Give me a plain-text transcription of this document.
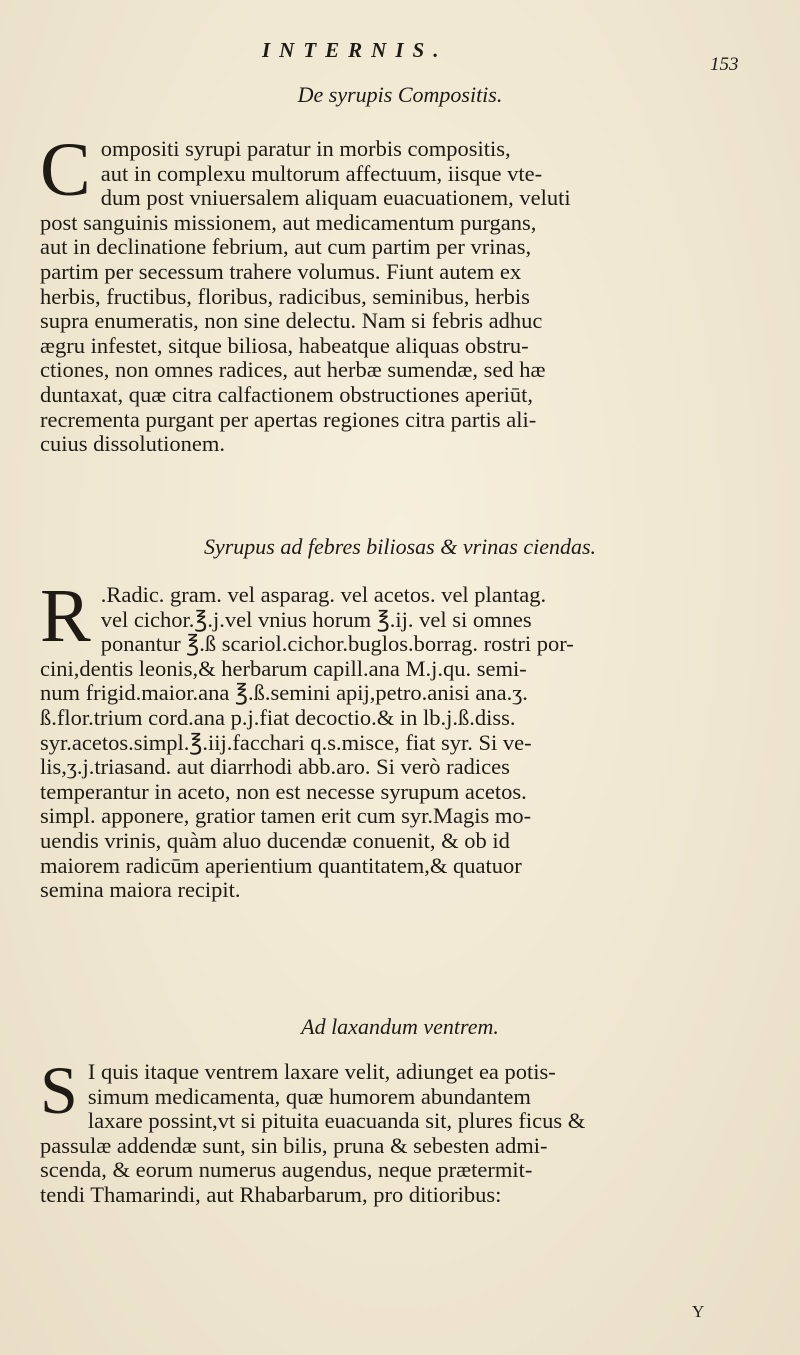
INTERNIS.
153
De syrupis Compositis.

C ompositi syrupi paratur in morbis compositis,
aut in complexu multorum affectuum, iisque vte-
dum post vniuersalem aliquam euacuationem, veluti
post sanguinis missionem, aut medicamentum purgans,
aut in declinatione febrium, aut cum partim per vrinas,
partim per secessum trahere volumus. Fiunt autem ex
herbis, fructibus, floribus, radicibus, seminibus, herbis
supra enumeratis, non sine delectu. Nam si febris adhuc
ægru infestet, sitque biliosa, habeatque aliquas obstru-
ctiones, non omnes radices, aut herbæ sumendæ, sed hæ
duntaxat, quæ citra calfactionem obstructiones aperiūt,
recrementa purgant per apertas regiones citra partis ali-
cuius dissolutionem.

Syrupus ad febres biliosas & vrinas ciendas.

R .Radic. gram. vel asparag. vel acetos. vel plantag.
vel cichor.℥.j.vel vnius horum ℥.ij. vel si omnes
ponantur ℥.ß scariol.cichor.buglos.borrag. rostri por-
cini,dentis leonis,& herbarum capill.ana M.j.qu. semi-
num frigid.maior.ana ℥.ß.semini apij,petro.anisi ana.ʒ.
ß.flor.trium cord.ana p.j.fiat decoctio.& in lb.j.ß.diss.
syr.acetos.simpl.℥.iij.facchari q.s.misce, fiat syr. Si ve-
lis,ʒ.j.triasand. aut diarrhodi abb.aro. Si verò radices
temperantur in aceto, non est necesse syrupum acetos.
simpl. apponere, gratior tamen erit cum syr.Magis mo-
uendis vrinis, quàm aluo ducendæ conuenit, & ob id
maiorem radicūm aperientium quantitatem,& quatuor
semina maiora recipit.

Ad laxandum ventrem.

S I quis itaque ventrem laxare velit, adiunget ea potis-
simum medicamenta, quæ humorem abundantem
laxare possint,vt si pituita euacuanda sit, plures ficus &
passulæ addendæ sunt, sin bilis, pruna & sebesten admi-
scenda, & eorum numerus augendus, neque prætermit-
tendi Thamarindi, aut Rhabarbarum, pro ditioribus:

Y
